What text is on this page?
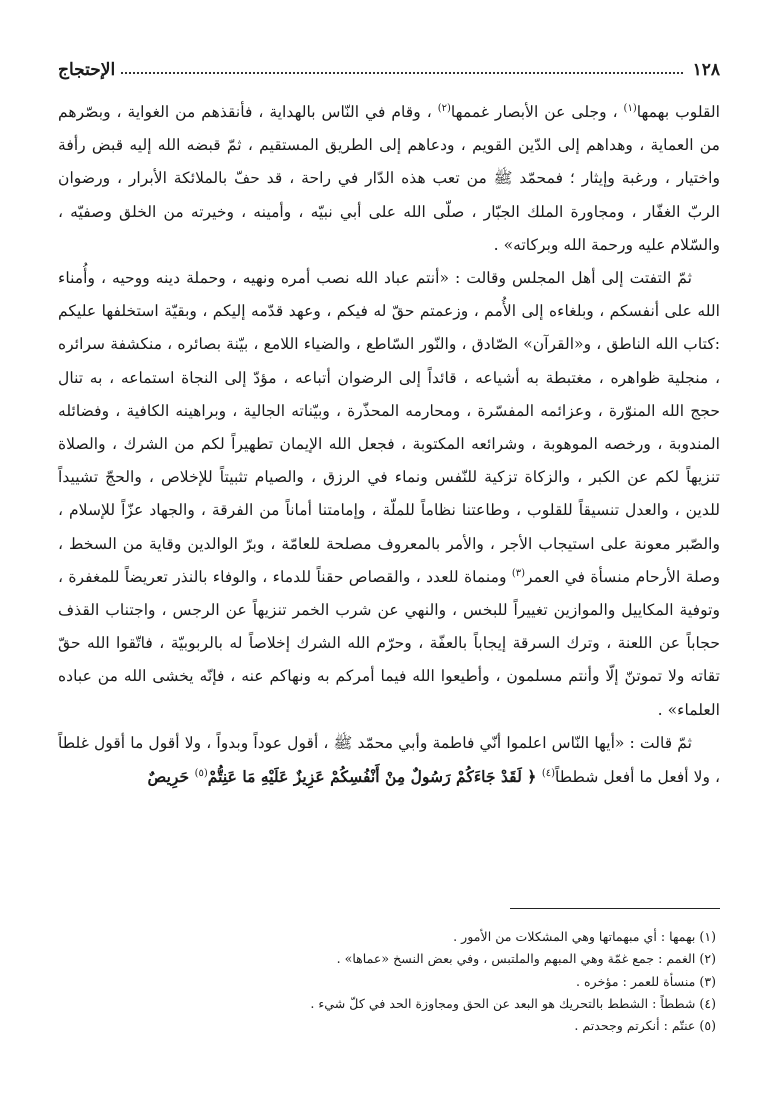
١٢٨
الإحتجاج

القلوب بهمها$^{(١)}$ ، وجلى عن الأبصار غممها$^{(٢)}$ ، وقام في النّاس بالهداية ، فأنقذهم من الغواية ، وبصّرهم من العماية ، وهداهم إلى الدّين القويم ، ودعاهم إلى الطريق المستقيم ، ثمّ قبضه الله إليه قبض رأفة واختيار ، ورغبة وإيثار ؛ فمحمّد ﷺ من تعب هذه الدّار في راحة ، قد حفّ بالملائكة الأبرار ، ورضوان الربّ الغفّار ، ومجاورة الملك الجبّار ، صلّى الله على أبي نبيّه ، وأمينه ، وخيرته من الخلق وصفيّه ، والسّلام عليه ورحمة الله وبركاته» .

ثمّ التفتت إلى أهل المجلس وقالت : «أنتم عباد الله نصب أمره ونهيه ، وحملة دينه ووحيه ، وأُمناء الله على أنفسكم ، وبلغاءه إلى الأُمم ، وزعمتم حقّ له فيكم ، وعهد قدّمه إليكم ، وبقيّة استخلفها عليكم :كتاب الله الناطق ، و«القرآن» الصّادق ، والنّور السّاطع ، والضياء اللامع ، بيّنة بصائره ، منكشفة سرائره ، منجلية ظواهره ، مغتبطة به أشياعه ، قائداً إلى الرضوان أتباعه ، مؤدّ إلى النجاة استماعه ، به تنال حجج الله المنوّرة ، وعزائمه المفسّرة ، ومحارمه المحذّرة ، وبيّناته الجالية ، وبراهينه الكافية ، وفضائله المندوبة ، ورخصه الموهوبة ، وشرائعه المكتوبة ، فجعل الله الإيمان تطهيراً لكم من الشرك ، والصلاة تنزيهاً لكم عن الكبر ، والزكاة تزكية للنّفس ونماء في الرزق ، والصيام تثبيتاً للإخلاص ، والحجّ تشييداً للدين ، والعدل تنسيقاً للقلوب ، وطاعتنا نظاماً للملّة ، وإمامتنا أماناً من الفرقة ، والجهاد عزّاً للإسلام ، والصّبر معونة على استيجاب الأجر ، والأمر بالمعروف مصلحة للعامّة ، وبرّ الوالدين وقاية من السخط ، وصلة الأرحام منسأة في العمر$^{(٣)}$ ومنماة للعدد ، والقصاص حقناً للدماء ، والوفاء بالنذر تعريضاً للمغفرة ، وتوفية المكاييل والموازين تغييراً للبخس ، والنهي عن شرب الخمر تنزيهاً عن الرجس ، واجتناب القذف حجاباً عن اللعنة ، وترك السرقة إيجاباً بالعفّة ، وحرّم الله الشرك إخلاصاً له بالربوبيّة ، فاتّقوا الله حقّ تقاته ولا تموتنّ إلّا وأنتم مسلمون ، وأطيعوا الله فيما أمركم به ونهاكم عنه ، فإنّه يخشى الله من عباده العلماء» .

ثمّ قالت : «أيها النّاس اعلموا أنّي فاطمة وأبي محمّد ﷺ ، أقول عوداً وبدواً ، ولا أقول ما أقول غلطاً ، ولا أفعل ما أفعل شططاً$^{(٤)}$ ﴿ لَقَدْ جَاءَكُمْ رَسُولٌ مِنْ أَنْفُسِكُمْ عَزِيزٌ عَلَيْهِ مَا عَنِتُّمْ$^{(٥)}$ حَرِيصٌ

(١) بهمها : أي مبهماتها وهي المشكلات من الأمور .

(٢) الغمم : جمع غمّة وهي المبهم والملتبس ، وفي بعض النسخ «عماها» .

(٣) منسأة للعمر : مؤخره .

(٤) شططاً : الشطط بالتحريك هو البعد عن الحق ومجاوزة الحد في كلّ شيء .

(٥) عنتّم : أنكرتم وجحدتم .
